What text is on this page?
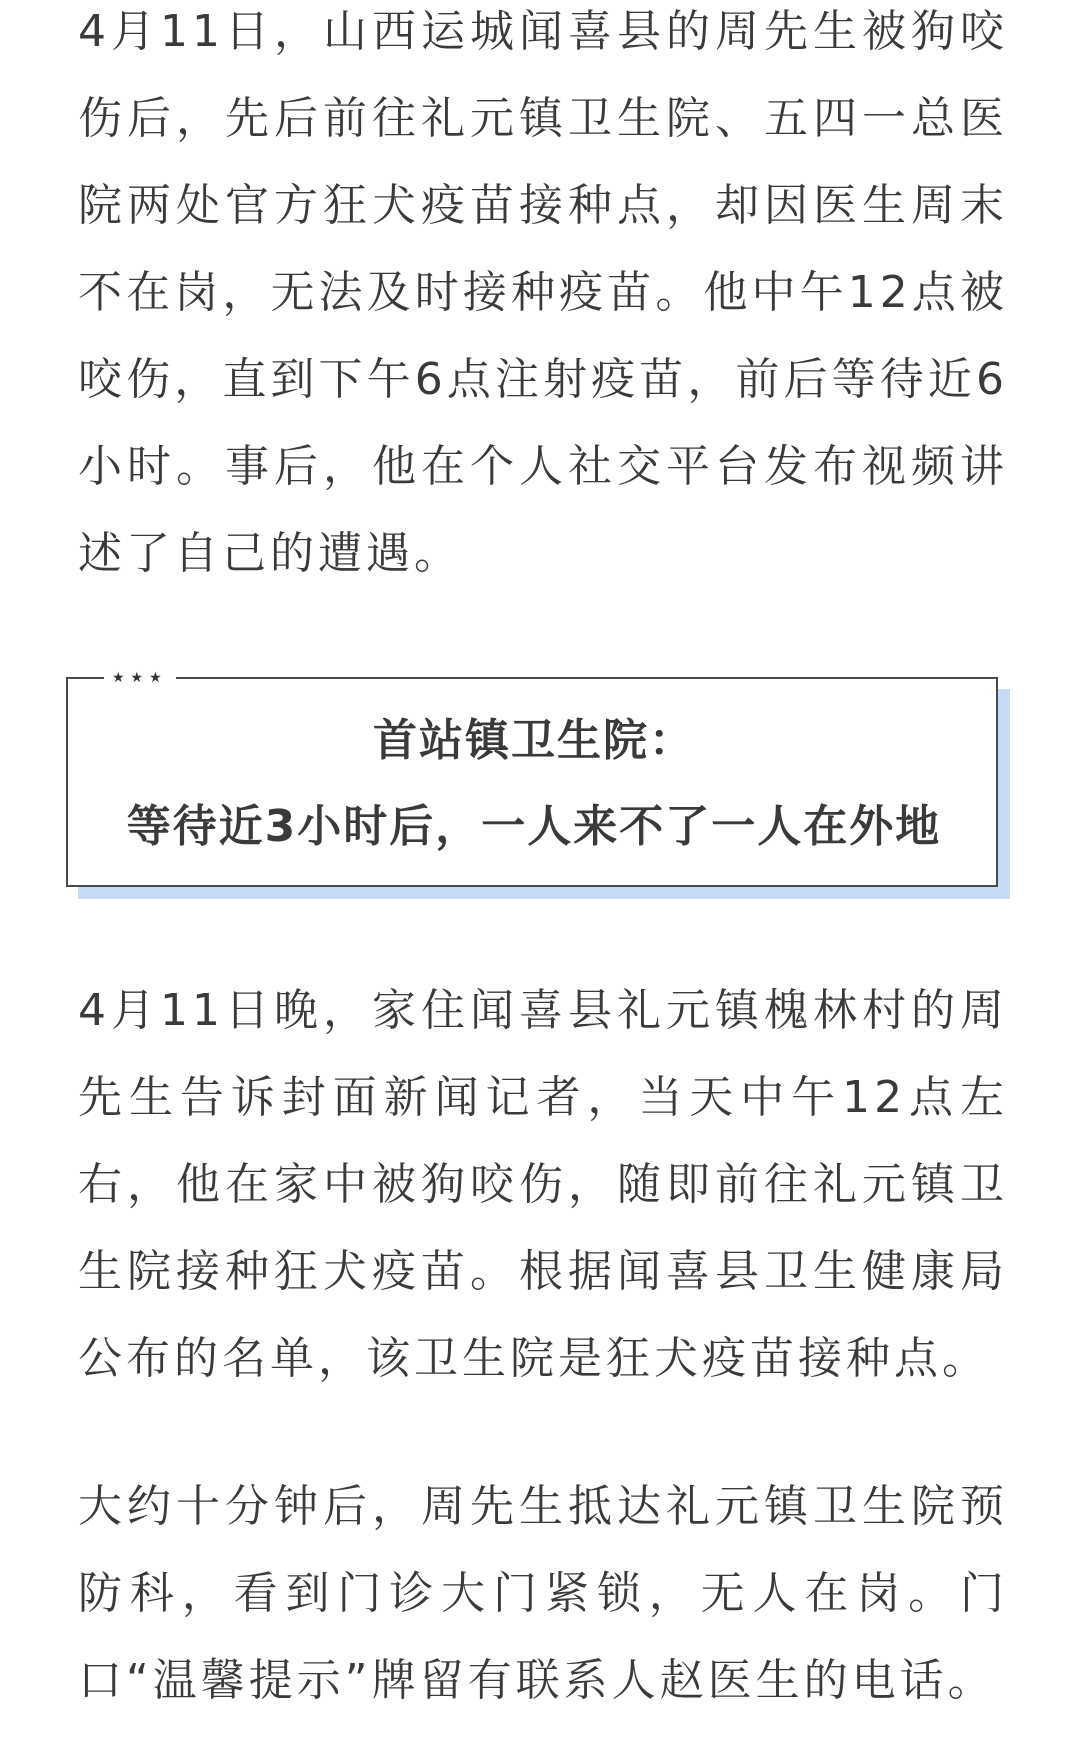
4月11日，山西运城闻喜县的周先生被狗咬伤后，先后前往礼元镇卫生院、五四一总医院两处官方狂犬疫苗接种点，却因医生周末不在岗，无法及时接种疫苗。他中午12点被咬伤，直到下午6点注射疫苗，前后等待近6小时。事后，他在个人社交平台发布视频讲述了自己的遭遇。

★★★

首站镇卫生院：

等待近3小时后，一人来不了一人在外地

4月11日晚，家住闻喜县礼元镇槐林村的周先生告诉封面新闻记者，当天中午12点左右，他在家中被狗咬伤，随即前往礼元镇卫生院接种狂犬疫苗。根据闻喜县卫生健康局公布的名单，该卫生院是狂犬疫苗接种点。

大约十分钟后，周先生抵达礼元镇卫生院预防科，看到门诊大门紧锁，无人在岗。门口“温馨提示”牌留有联系人赵医生的电话。
